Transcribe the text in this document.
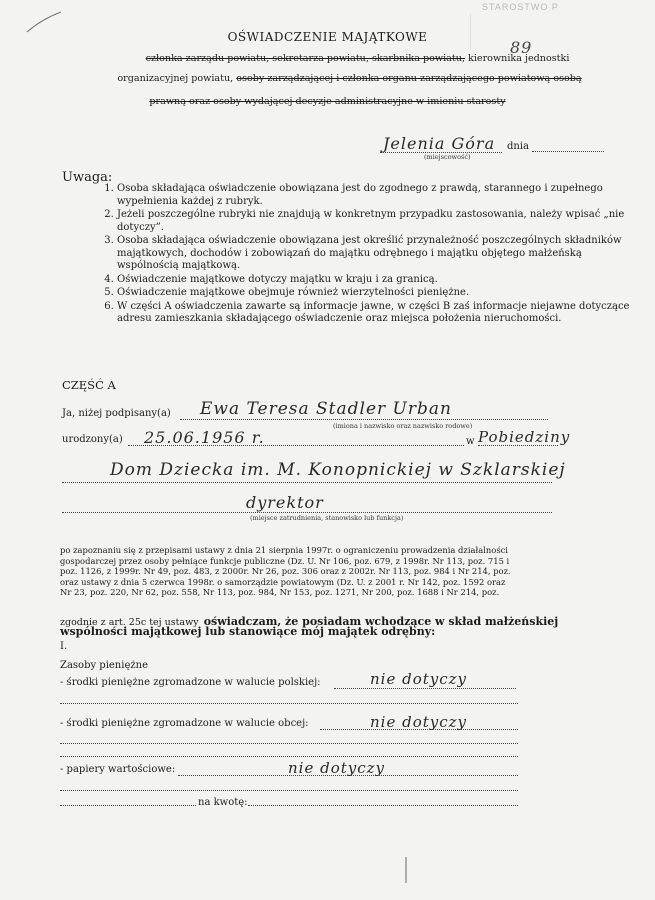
STAROSTWO P
89
OŚWIADCZENIE MAJĄTKOWE
członka zarządu powiatu, sekretarza powiatu, skarbnika powiatu, kierownika jednostki
organizacyjnej powiatu, osoby zarządzającej i członka organu zarządzającego powiatową osobą
prawną oraz osoby wydającej decyzje administracyjne w imieniu starosty
Jelenia Góra
(miejscowość)
dnia
Uwaga:
1. Osoba składająca oświadczenie obowiązana jest do zgodnego z prawdą, starannego i zupełnego wypełnienia każdej z rubryk.
2. Jeżeli poszczególne rubryki nie znajdują w konkretnym przypadku zastosowania, należy wpisać „nie dotyczy”.
3. Osoba składająca oświadczenie obowiązana jest określić przynależność poszczególnych składników majątkowych, dochodów i zobowiązań do majątku odrębnego i majątku objętego małżeńską wspólnością majątkową.
4. Oświadczenie majątkowe dotyczy majątku w kraju i za granicą.
5. Oświadczenie majątkowe obejmuje również wierzytelności pieniężne.
6. W części A oświadczenia zawarte są informacje jawne, w części B zaś informacje niejawne dotyczące adresu zamieszkania składającego oświadczenie oraz miejsca położenia nieruchomości.
CZĘŚĆ A
Ja, niżej podpisany(a) Ewa Teresa Stadler Urban
(imiona i nazwisko oraz nazwisko rodowe)
urodzony(a) 25.06.1956 r.	w Pobiedziny
Dom Dziecka im. M. Konopnickiej w Szklarskiej
dyrektor
(miejsce zatrudnienia, stanowisko lub funkcja)
po zapoznaniu się z przepisami ustawy z dnia 21 sierpnia 1997r. o ograniczeniu prowadzenia działalności
gospodarczej przez osoby pełniące funkcje publiczne (Dz. U. Nr 106, poz. 679, z 1998r. Nr 113, poz. 715 i
poz. 1126, z 1999r. Nr 49, poz. 483, z 2000r. Nr 26, poz. 306 oraz z 2002r. Nr 113, poz. 984 i Nr 214, poz.
oraz ustawy z dnia 5 czerwca 1998r. o samorządzie powiatowym (Dz. U. z 2001 r. Nr 142, poz. 1592 oraz
Nr 23, poz. 220, Nr 62, poz. 558, Nr 113, poz. 984, Nr 153, poz. 1271, Nr 200, poz. 1688 i Nr 214, poz.
zgodnie z art. 25c tej ustawy oświadczam, że posiadam wchodzące w skład małżeńskiej
wspólności majątkowej lub stanowiące mój majątek odrębny:
I.
Zasoby pieniężne
- środki pieniężne zgromadzone w walucie polskiej:	nie dotyczy
- środki pieniężne zgromadzone w walucie obcej:	nie dotyczy
- papiery wartościowe:	nie dotyczy
na kwotę:
